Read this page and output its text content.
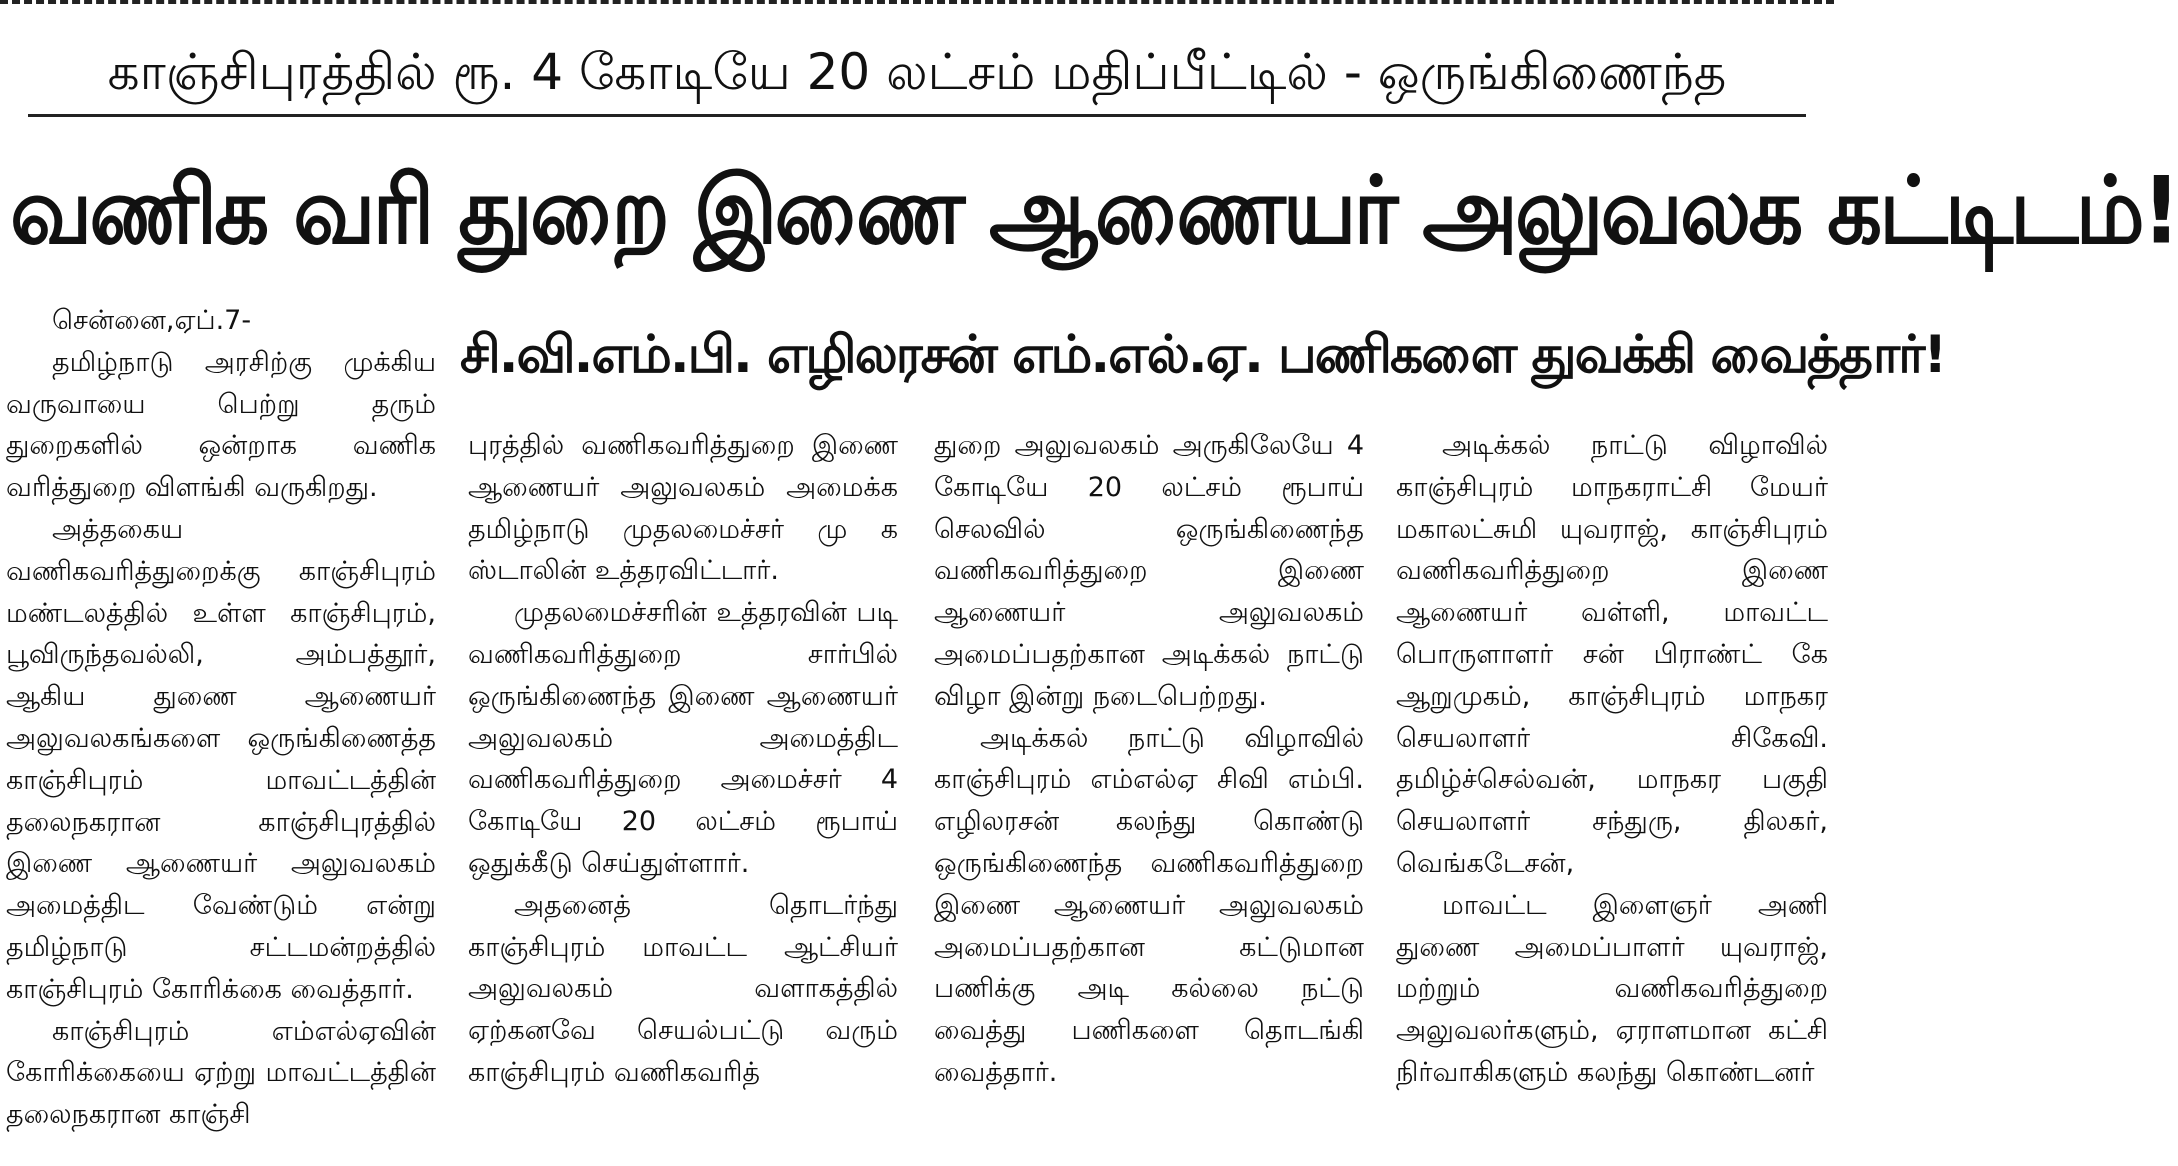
காஞ்சிபுரத்தில் ரூ. 4 கோடியே 20 லட்சம் மதிப்பீட்டில் - ஒருங்கிணைந்த
வணிக வரி துறை இணை ஆணையர் அலுவலக கட்டிடம்!
சி.வி.எம்.பி. எழிலரசன் எம்.எல்.ஏ. பணிகளை துவக்கி வைத்தார்!

சென்னை,ஏப்.7-

தமிழ்நாடு அரசிற்கு முக்கிய வருவாயை பெற்று தரும் துறைகளில் ஒன்றாக வணிக வரித்துறை விளங்கி வருகிறது.

அத்தகைய வணிகவரித்துறைக்கு காஞ்சிபுரம் மண்டலத்தில் உள்ள காஞ்சிபுரம், பூவிருந்தவல்லி, அம்பத்தூர், ஆகிய துணை ஆணையர் அலுவலகங்களை ஒருங்கிணைத்த காஞ்சிபுரம் மாவட்டத்தின் தலைநகரான காஞ்சிபுரத்தில் இணை ஆணையர் அலுவலகம் அமைத்திட வேண்டும் என்று தமிழ்நாடு சட்டமன்றத்தில் காஞ்சிபுரம் கோரிக்கை வைத்தார்.

காஞ்சிபுரம் எம்எல்ஏவின் கோரிக்கையை ஏற்று மாவட்டத்தின் தலைநகரான காஞ்சி

புரத்தில் வணிகவரித்துறை இணை ஆணையர் அலுவலகம் அமைக்க தமிழ்நாடு முதலமைச்சர் மு க ஸ்டாலின் உத்தரவிட்டார்.

முதலமைச்சரின் உத்தரவின் படி வணிகவரித்துறை சார்பில் ஒருங்கிணைந்த இணை ஆணையர் அலுவலகம் அமைத்திட வணிகவரித்துறை அமைச்சர் 4 கோடியே 20 லட்சம் ரூபாய் ஒதுக்கீடு செய்துள்ளார்.

அதனைத் தொடர்ந்து காஞ்சிபுரம் மாவட்ட ஆட்சியர் அலுவலகம் வளாகத்தில் ஏற்கனவே செயல்பட்டு வரும் காஞ்சிபுரம் வணிகவரித்

துறை அலுவலகம் அருகிலேயே 4 கோடியே 20 லட்சம் ரூபாய் செலவில் ஒருங்கிணைந்த வணிகவரித்துறை இணை ஆணையர் அலுவலகம் அமைப்பதற்கான அடிக்கல் நாட்டு விழா இன்று நடைபெற்றது.

அடிக்கல் நாட்டு விழாவில் காஞ்சிபுரம் எம்எல்ஏ சிவி எம்பி. எழிலரசன் கலந்து கொண்டு ஒருங்கிணைந்த வணிகவரித்துறை இணை ஆணையர் அலுவலகம் அமைப்பதற்கான கட்டுமான பணிக்கு அடி கல்லை நட்டு வைத்து பணிகளை தொடங்கி வைத்தார்.

அடிக்கல் நாட்டு விழாவில் காஞ்சிபுரம் மாநகராட்சி மேயர் மகாலட்சுமி யுவராஜ், காஞ்சிபுரம் வணிகவரித்துறை இணை ஆணையர் வள்ளி, மாவட்ட பொருளாளர் சன் பிராண்ட் கே ஆறுமுகம், காஞ்சிபுரம் மாநகர செயலாளர் சிகேவி. தமிழ்ச்செல்வன், மாநகர பகுதி செயலாளர் சந்துரு, திலகர், வெங்கடேசன்,

மாவட்ட இளைஞர் அணி துணை அமைப்பாளர் யுவராஜ், மற்றும் வணிகவரித்துறை அலுவலர்களும், ஏராளமான கட்சி நிர்வாகிகளும் கலந்து கொண்டனர்
